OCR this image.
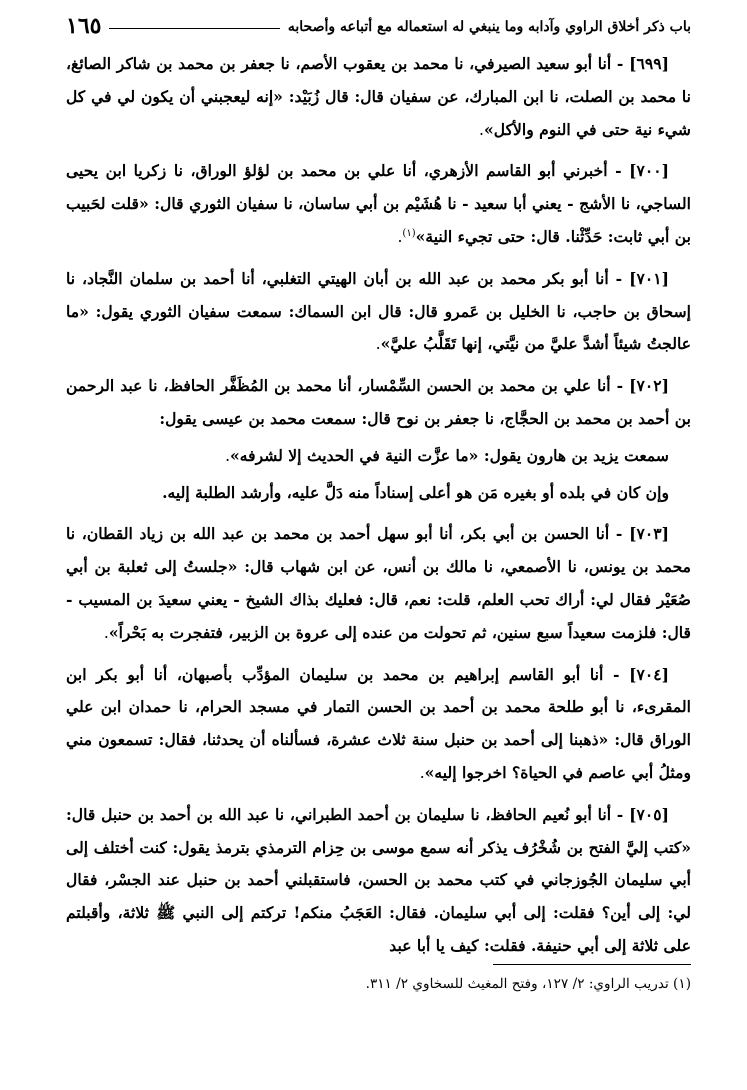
باب ذكر أخلاق الراوي وآدابه وما ينبغي له استعماله مع أتباعه وأصحابه
١٦٥

[٦٩٩] - أنا أبو سعيد الصيرفي، نا محمد بن يعقوب الأصم، نا جعفر بن محمد بن شاكر الصائغ، نا محمد بن الصلت، نا ابن المبارك، عن سفيان قال: قال زُبَيْد: «إنه ليعجبني أن يكون لي في كل شيء نية حتى في النوم والأكل».

[٧٠٠] - أخبرني أبو القاسم الأزهري، أنا علي بن محمد بن لؤلؤ الوراق، نا زكريا ابن يحيى الساجي، نا الأشج - يعني أبا سعيد - نا هُشَيْم بن أبي ساسان، نا سفيان الثوري قال: «قلت لحَبيب بن أبي ثابت: حَدِّثْنا. قال: حتى تجيء النية»$^{(١)}$.

[٧٠١] - أنا أبو بكر محمد بن عبد الله بن أبان الهيتي التغلبي، أنا أحمد بن سلمان النَّجاد، نا إسحاق بن حاجب، نا الخليل بن عَمرو قال: قال ابن السماك: سمعت سفيان الثوري يقول: «ما عالجتُ شيئاً أشدَّ عليَّ من نيَّتي، إنها تَقَلَّبُ عليَّ».

[٧٠٢] - أنا علي بن محمد بن الحسن السِّمْسار، أنا محمد بن المُظَفَّر الحافظ، نا عبد الرحمن بن أحمد بن محمد بن الحجَّاج، نا جعفر بن نوح قال: سمعت محمد بن عيسى يقول:

سمعت يزيد بن هارون يقول: «ما عزَّت النية في الحديث إلا لشرفه».

وإن كان في بلده أو بغيره مَن هو أعلى إسناداً منه دَلَّ عليه، وأرشد الطلبة إليه.

[٧٠٣] - أنا الحسن بن أبي بكر، أنا أبو سهل أحمد بن محمد بن عبد الله بن زياد القطان، نا محمد بن يونس، نا الأصمعي، نا مالك بن أنس، عن ابن شهاب قال: «جلستُ إلى ثعلبة بن أبي صُعَيْر فقال لي: أراك تحب العلم، قلت: نعم، قال: فعليك بذاك الشيخ - يعني سعيدَ بن المسيب - قال: فلزمت سعيداً سبع سنين، ثم تحولت من عنده إلى عروة بن الزبير، فتفجرت به بَحْراً».

[٧٠٤] - أنا أبو القاسم إبراهيم بن محمد بن سليمان المؤدِّب بأصبهان، أنا أبو بكر ابن المقرىء، نا أبو طلحة محمد بن أحمد بن الحسن التمار في مسجد الحرام، نا حمدان ابن علي الوراق قال: «ذهبنا إلى أحمد بن حنبل سنة ثلاث عشرة، فسألناه أن يحدثنا، فقال: تسمعون مني ومثلُ أبي عاصم في الحياة؟ اخرجوا إليه».

[٧٠٥] - أنا أبو نُعيم الحافظ، نا سليمان بن أحمد الطبراني، نا عبد الله بن أحمد بن حنبل قال: «كتب إليَّ الفتح بن شُخْرُف يذكر أنه سمع موسى بن حِزام الترمذي بترمذ يقول: كنت أختلف إلى أبي سليمان الجُوزجاني في كتب محمد بن الحسن، فاستقبلني أحمد بن حنبل عند الجسْر، فقال لي: إلى أين؟ فقلت: إلى أبي سليمان. فقال: العَجَبُ منكم! تركتم إلى النبي ﷺ ثلاثة، وأقبلتم على ثلاثة إلى أبي حنيفة. فقلت: كيف يا أبا عبد

(١) تدريب الراوي: ٢/ ١٢٧، وفتح المغيث للسخاوي ٢/ ٣١١.
